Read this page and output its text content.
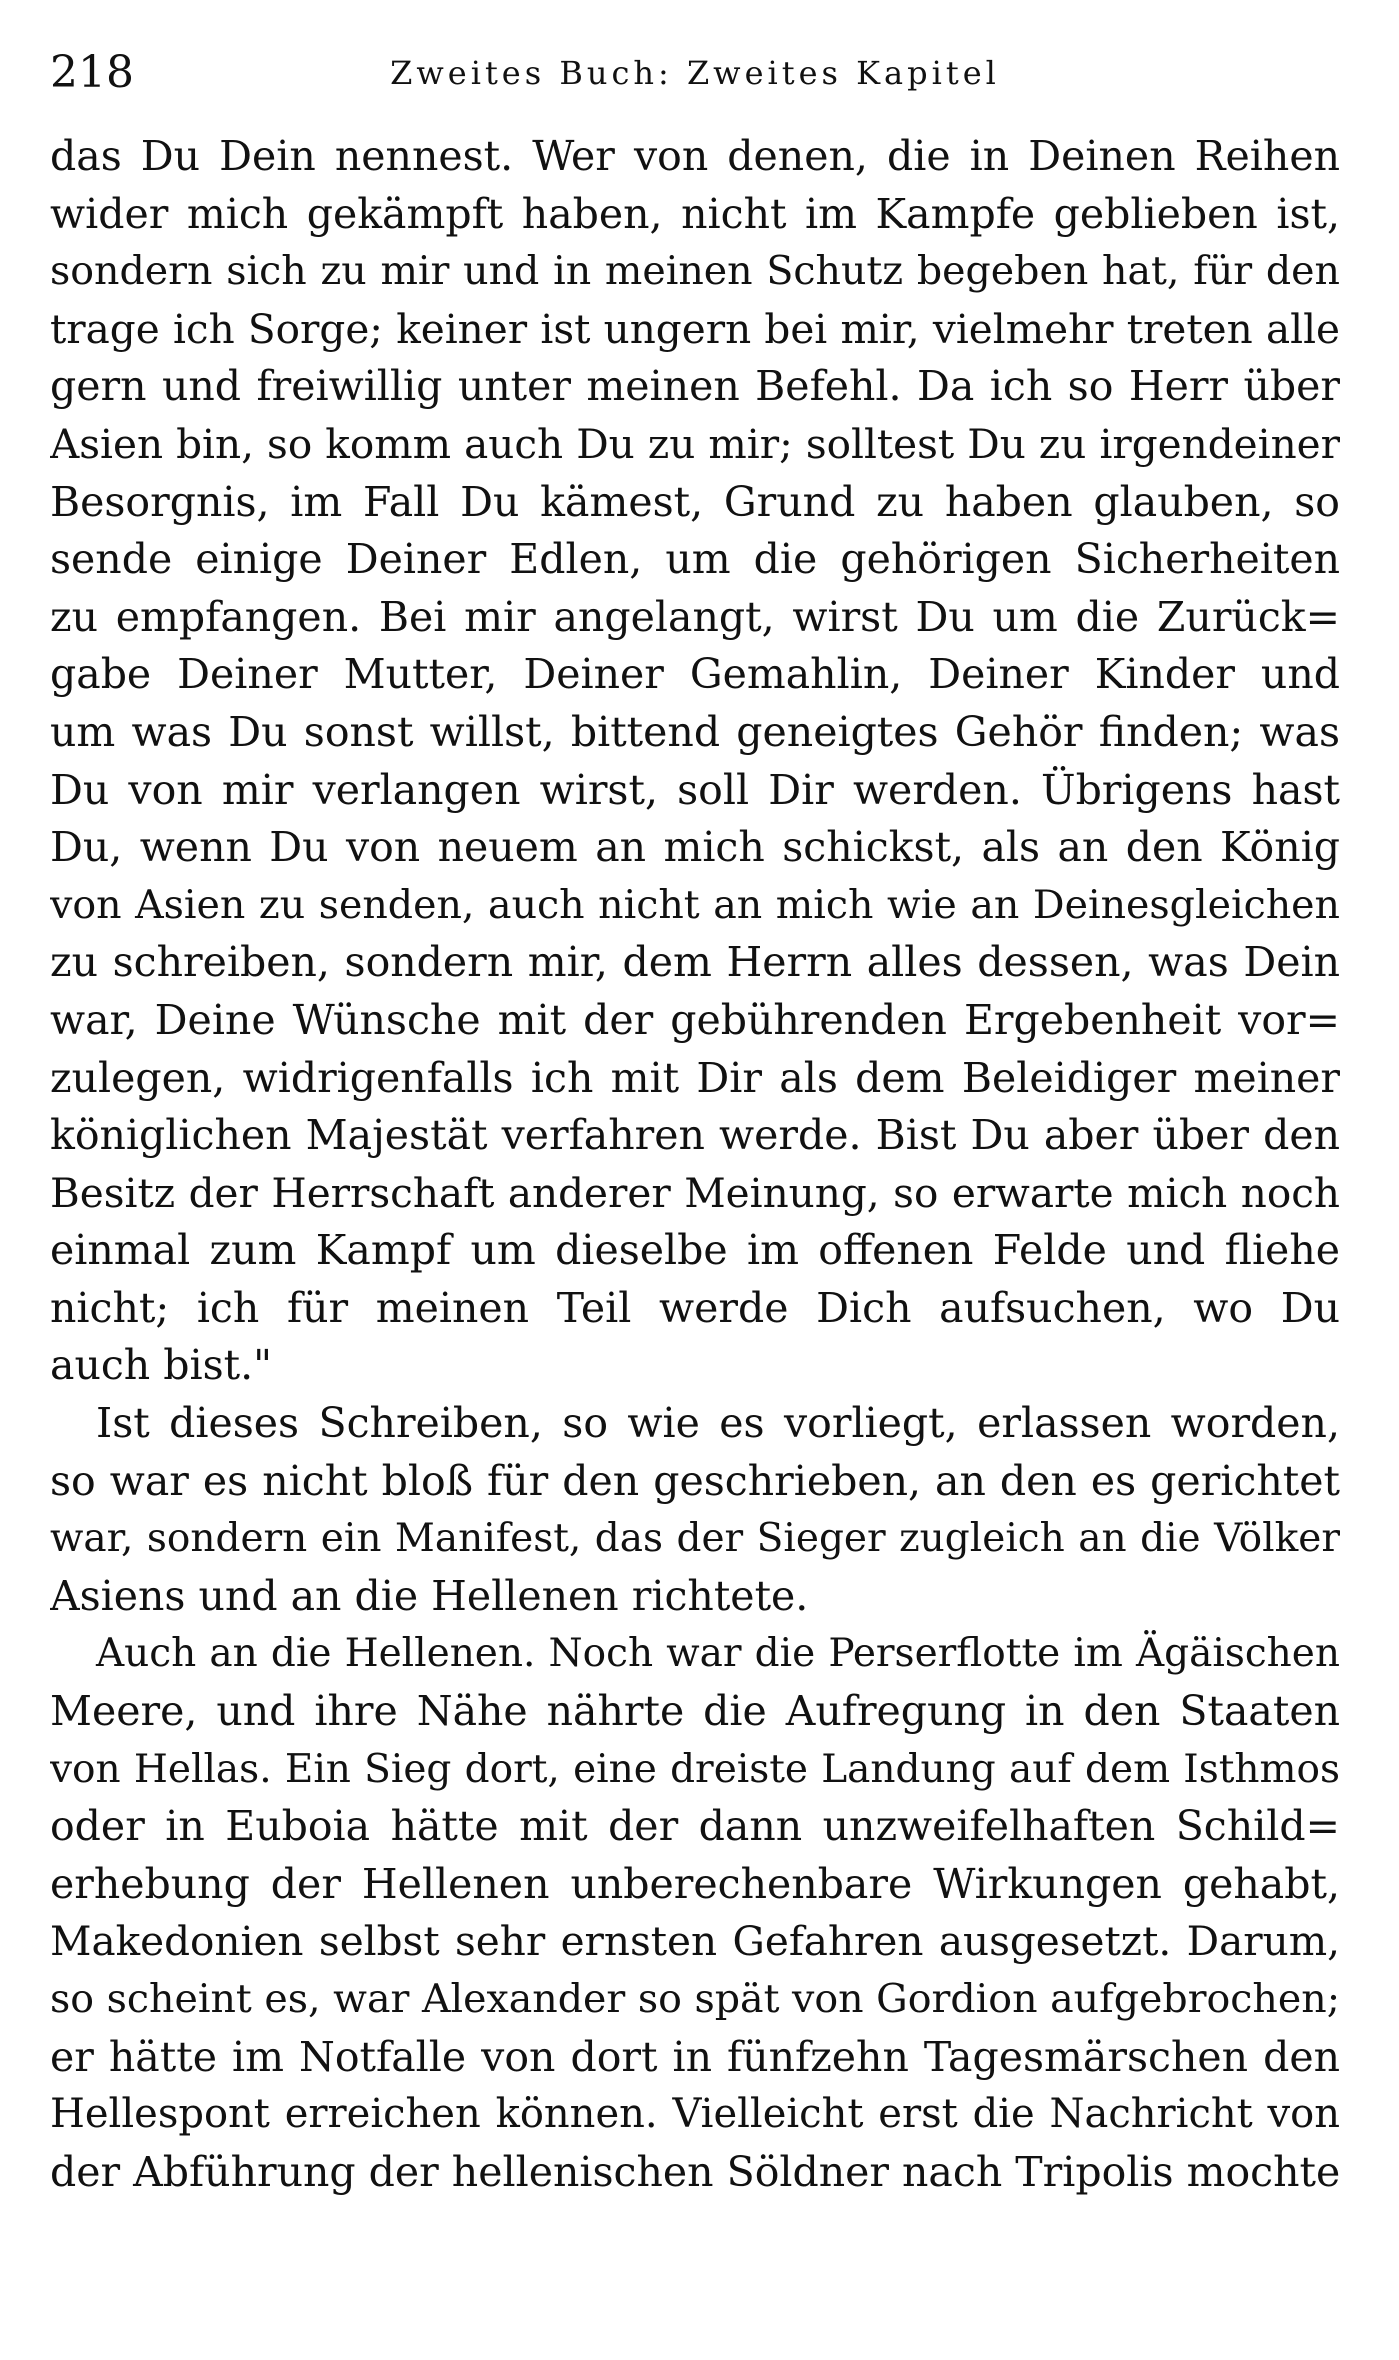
218	Zweites Buch: Zweites Kapitel
das Du Dein nennest. Wer von denen, die in Deinen Reihen
wider mich gekämpft haben, nicht im Kampfe geblieben ist,
sondern sich zu mir und in meinen Schutz begeben hat, für den
trage ich Sorge; keiner ist ungern bei mir, vielmehr treten alle
gern und freiwillig unter meinen Befehl. Da ich so Herr über
Asien bin, so komm auch Du zu mir; solltest Du zu irgendeiner
Besorgnis, im Fall Du kämest, Grund zu haben glauben, so
sende einige Deiner Edlen, um die gehörigen Sicherheiten
zu empfangen. Bei mir angelangt, wirst Du um die Zurück=
gabe Deiner Mutter, Deiner Gemahlin, Deiner Kinder und
um was Du sonst willst, bittend geneigtes Gehör finden; was
Du von mir verlangen wirst, soll Dir werden. Übrigens hast
Du, wenn Du von neuem an mich schickst, als an den König
von Asien zu senden, auch nicht an mich wie an Deinesgleichen
zu schreiben, sondern mir, dem Herrn alles dessen, was Dein
war, Deine Wünsche mit der gebührenden Ergebenheit vor=
zulegen, widrigenfalls ich mit Dir als dem Beleidiger meiner
königlichen Majestät verfahren werde. Bist Du aber über den
Besitz der Herrschaft anderer Meinung, so erwarte mich noch
einmal zum Kampf um dieselbe im offenen Felde und fliehe
nicht; ich für meinen Teil werde Dich aufsuchen, wo Du
auch bist."
Ist dieses Schreiben, so wie es vorliegt, erlassen worden,
so war es nicht bloß für den geschrieben, an den es gerichtet
war, sondern ein Manifest, das der Sieger zugleich an die Völker
Asiens und an die Hellenen richtete.
Auch an die Hellenen. Noch war die Perserflotte im Ägäischen
Meere, und ihre Nähe nährte die Aufregung in den Staaten
von Hellas. Ein Sieg dort, eine dreiste Landung auf dem Isthmos
oder in Euboia hätte mit der dann unzweifelhaften Schild=
erhebung der Hellenen unberechenbare Wirkungen gehabt,
Makedonien selbst sehr ernsten Gefahren ausgesetzt. Darum,
so scheint es, war Alexander so spät von Gordion aufgebrochen;
er hätte im Notfalle von dort in fünfzehn Tagesmärschen den
Hellespont erreichen können. Vielleicht erst die Nachricht von
der Abführung der hellenischen Söldner nach Tripolis mochte
